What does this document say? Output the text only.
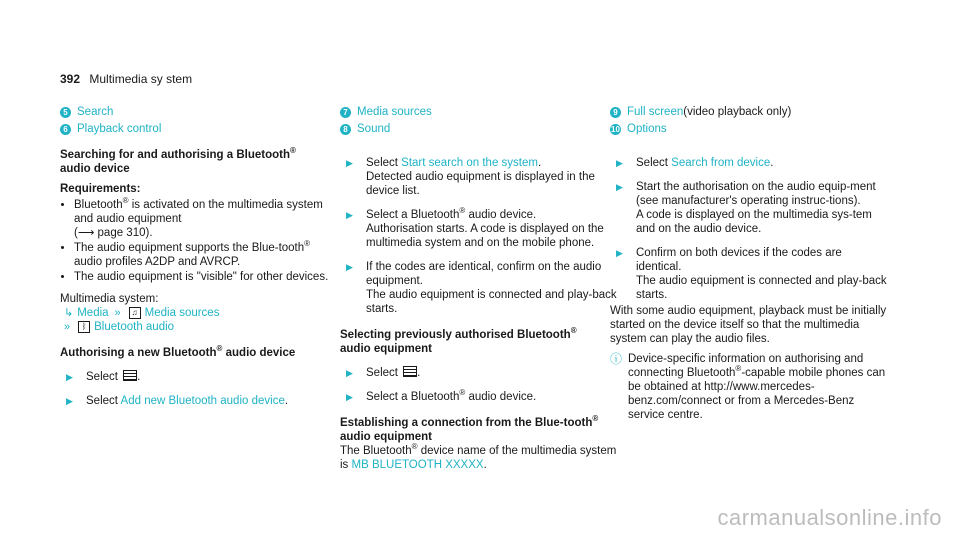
392 Multimedia sy stem
5 Search
6 Playback control
Searching for and authorising a Bluetooth®
audio device
Requirements:
• Bluetooth® is activated on the multimedia system and audio equipment
(⟶ page 310).
• The audio equipment supports the Blue-tooth® audio profiles A2DP and AVRCP.
• The audio equipment is "visible" for other devices.
Multimedia system:
↳ Media »	♫ Media sources
»	ᛒ Bluetooth audio
Authorising a new Bluetooth® audio device
▶	Select .
▶	Select Add new Bluetooth audio device.
7 Media sources
8 Sound
▶	Select Start search on the system.
Detected audio equipment is displayed in the device list.
▶	Select a Bluetooth® audio device.
Authorisation starts. A code is displayed on the multimedia system and on the mobile phone.
▶	If the codes are identical, confirm on the audio equipment.
The audio equipment is connected and play-back starts.
Selecting previously authorised Bluetooth®
audio equipment
▶	Select .
▶	Select a Bluetooth® audio device.
Establishing a connection from the Blue-tooth® audio equipment
The Bluetooth® device name of the multimedia system is MB BLUETOOTH XXXXX.
9 Full screen (video playback only)
10 Options
▶	Select Search from device.
▶	Start the authorisation on the audio equip-ment (see manufacturer's operating instruc-tions).
A code is displayed on the multimedia sys-tem and on the audio device.
▶	Confirm on both devices if the codes are identical.
The audio equipment is connected and play-back starts.
With some audio equipment, playback must be initially started on the device itself so that the multimedia system can play the audio files.
ⓘ Device-specific information on authorising and connecting Bluetooth®-capable mobile phones can be obtained at http://www.mercedes-benz.com/connect or from a Mercedes-Benz service centre.
carmanualsonline.info
